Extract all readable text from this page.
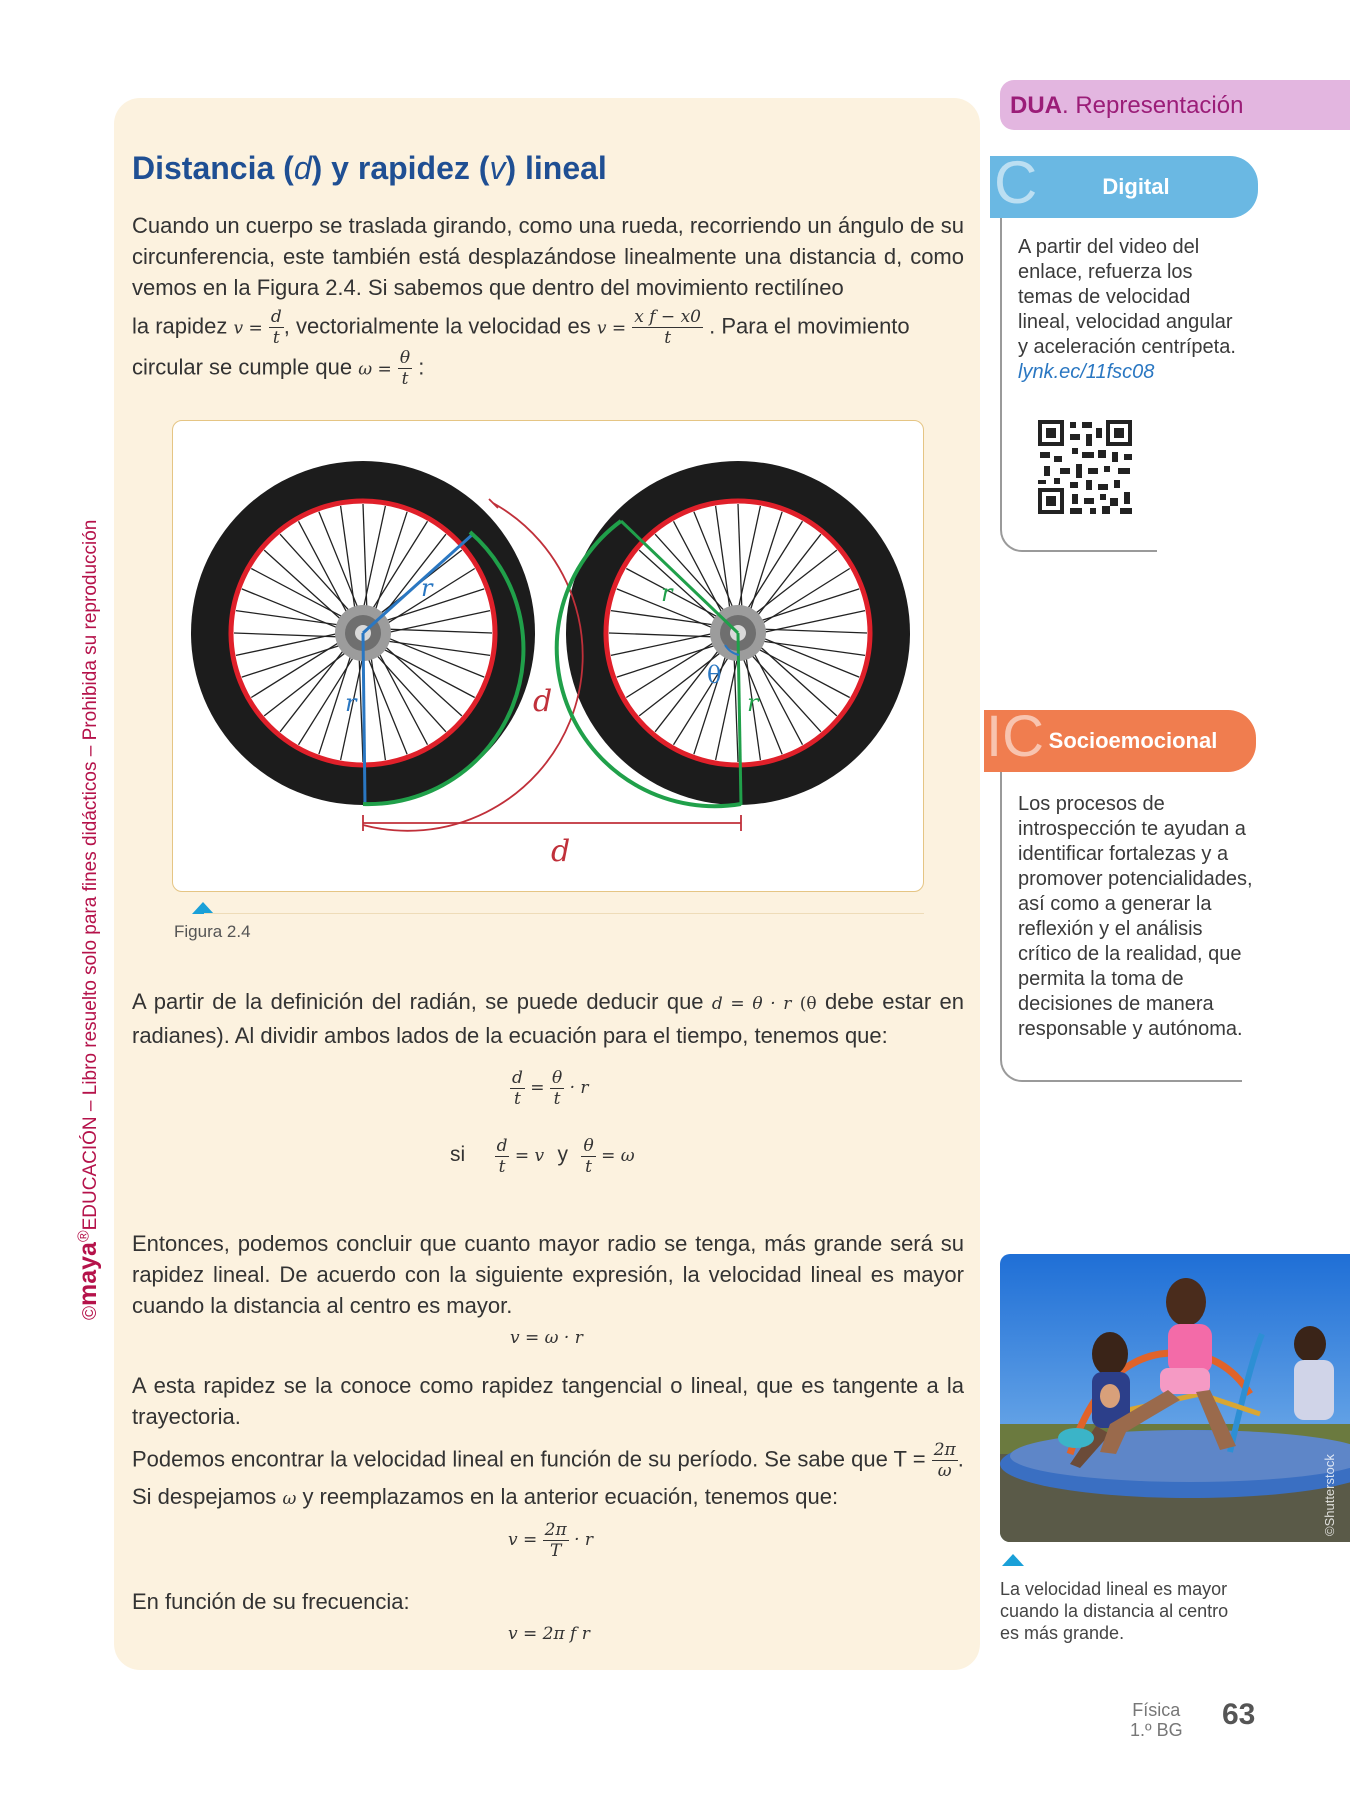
©maya®EDUCACIÓN – Libro resuelto solo para fines didácticos – Prohibida su reproducción
Distancia (d) y rapidez (v) lineal
Cuando un cuerpo se traslada girando, como una rueda, recorriendo un ángulo de su circunferencia, este también está desplazándose linealmente una distancia d, como vemos en la Figura 2.4. Si sabemos que dentro del movimiento rectilíneo
la rapidez $v = \frac{d}{t}$ , vectorialmente la velocidad es $v = \frac{\text{x f − x0}}{t}$ . Para el movimiento
circular se cumple que $\omega = \frac{\theta}{t}$ :
r
r
r
r
θ
d
d
Figura 2.4
A partir de la definición del radián, se puede deducir que d = θ · r (θ debe estar en radianes). Al dividir ambos lados de la ecuación para el tiempo, tenemos que:
$\frac{d}{t} = \frac{\theta}{t} \cdot r$
si $\frac{d}{t} = v$ y $\frac{\theta}{t} = \omega$
Entonces, podemos concluir que cuanto mayor radio se tenga, más grande será su rapidez lineal. De acuerdo con la siguiente expresión, la velocidad lineal es mayor cuando la distancia al centro es mayor.
v = ω · r
A esta rapidez se la conoce como rapidez tangencial o lineal, que es tangente a la trayectoria.
Podemos encontrar la velocidad lineal en función de su período. Se sabe que $T = \frac{2\pi}{\omega}$ .
Si despejamos ω y reemplazamos en la anterior ecuación, tenemos que:
$v = \frac{2\pi}{T} \cdot r$
En función de su frecuencia:
v = 2π f r
DUA. Representación
C	Digital
A partir del video del enlace, refuerza los temas de velocidad lineal, velocidad angular y aceleración centrípeta.
lynk.ec/11fsc08
IC Socioemocional
Los procesos de introspección te ayudan a identificar fortalezas y a promover potencialidades, así como a generar la reflexión y el análisis crítico de la realidad, que permita la toma de decisiones de manera responsable y autónoma.
©Shutterstock
La velocidad lineal es mayor cuando la distancia al centro es más grande.
Física
1.º BG 63
